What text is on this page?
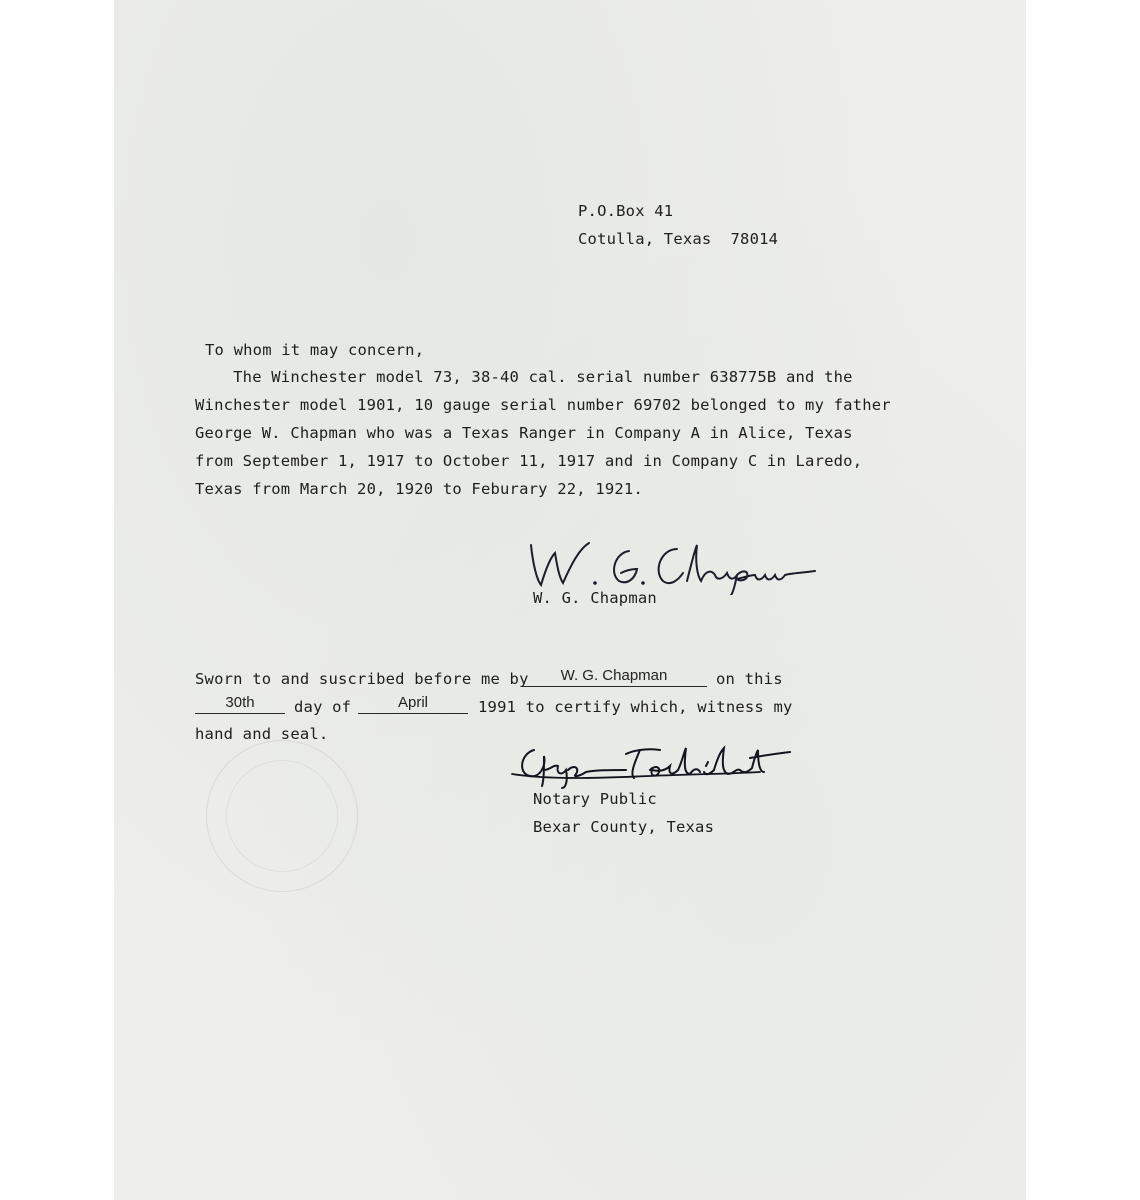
P.O.Box 41
Cotulla, Texas  78014
To whom it may concern,
The Winchester model 73, 38-40 cal. serial number 638775B and the
Winchester model 1901, 10 gauge serial number 69702 belonged to my father
George W. Chapman who was a Texas Ranger in Company A in Alice, Texas
from September 1, 1917 to October 11, 1917 and in Company C in Laredo,
Texas from March 20, 1920 to Feburary 22, 1921.
W. G. Chapman
Sworn to and suscribed before me by	W. G. Chapman	on this
30th	day of	April	1991 to certify which, witness my
hand and seal.
Notary Public
Bexar County, Texas
